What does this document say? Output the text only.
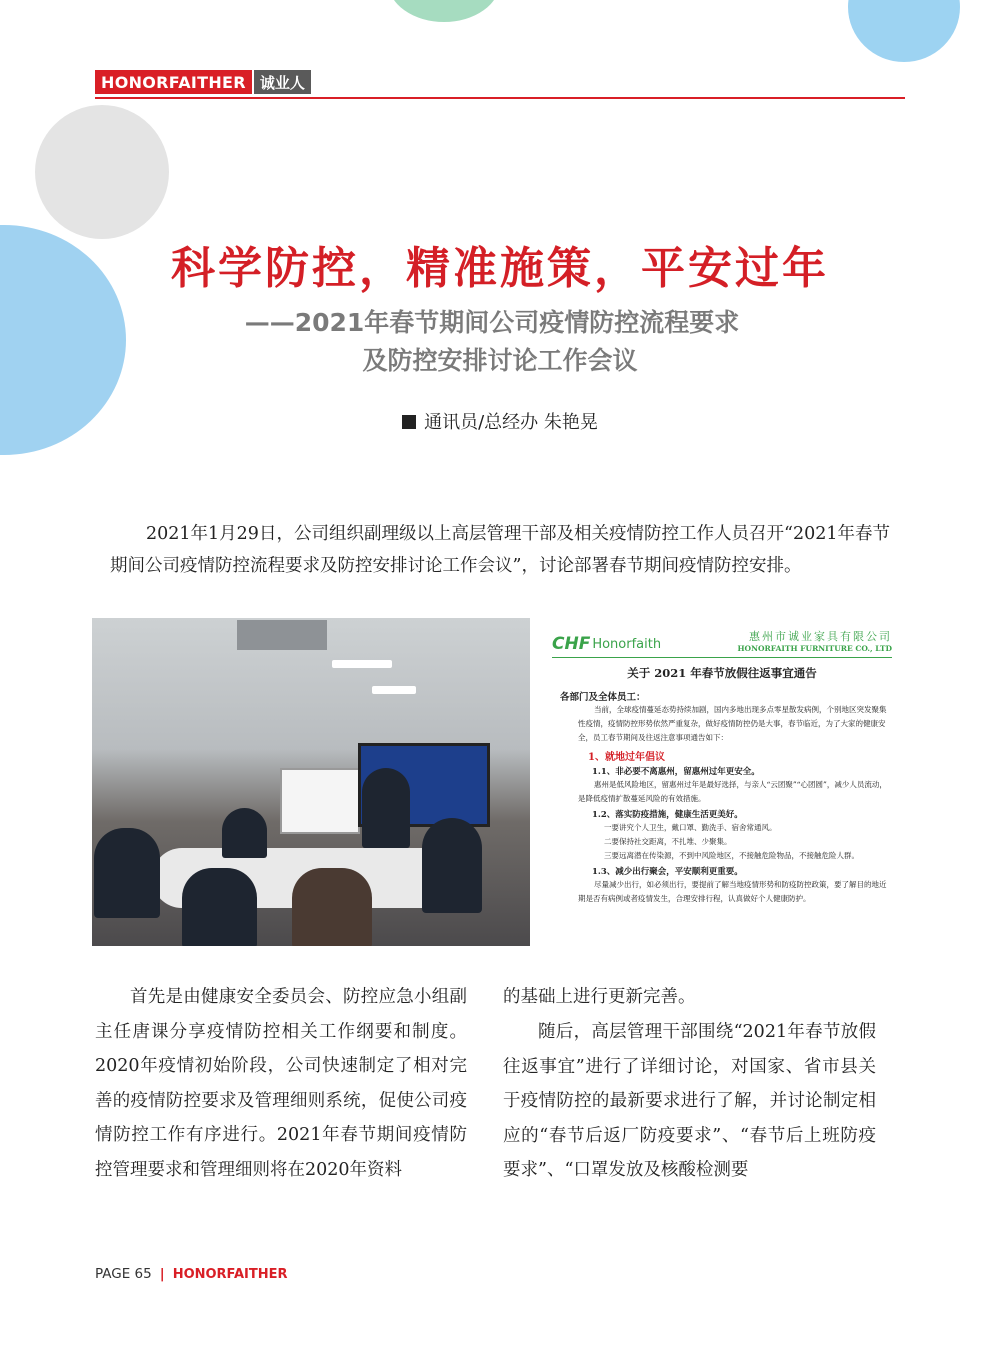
HONORFAITHER 诚业人
科学防控，精准施策，平安过年
——2021年春节期间公司疫情防控流程要求
及防控安排讨论工作会议
通讯员/总经办 朱艳晃

2021年1月29日，公司组织副理级以上高层管理干部及相关疫情防控工作人员召开“2021年春节期间公司疫情防控流程要求及防控安排讨论工作会议”，讨论部署春节期间疫情防控安排。

CHF Honorfaith	惠州市诚业家具有限公司
HONORFAITH FURNITURE CO., LTD
关于 2021 年春节放假往返事宜通告
各部门及全体员工：
当前，全球疫情蔓延态势持续加剧，国内多地出现多点零星散发病例，个别地区突发聚集性疫情，疫情防控形势依然严重复杂，做好疫情防控仍是大事，春节临近，为了大家的健康安全，员工春节期间及往返注意事项通告如下：
1、就地过年倡议
1.1、非必要不离惠州，留惠州过年更安全。
惠州是低风险地区，留惠州过年是最好选择，与亲人“云团聚”“心团圆”，减少人员流动，是降低疫情扩散蔓延风险的有效措施。
1.2、落实防疫措施，健康生活更美好。
一要讲究个人卫生，戴口罩、勤洗手、宿舍常通风。
二要保持社交距离，不扎堆、少聚集。
三要远离潜在传染源，不到中风险地区，不接触危险物品，不接触危险人群。
1.3、减少出行聚会，平安顺利更重要。
尽量减少出行，如必须出行，要提前了解当地疫情形势和防疫防控政策，要了解目的地近期是否有病例或者疫情发生，合理安排行程，认真做好个人健康防护。

首先是由健康安全委员会、防控应急小组副主任唐课分享疫情防控相关工作纲要和制度。2020年疫情初始阶段，公司快速制定了相对完善的疫情防控要求及管理细则系统，促使公司疫情防控工作有序进行。2021年春节期间疫情防控管理要求和管理细则将在2020年资料

的基础上进行更新完善。

随后，高层管理干部围绕“2021年春节放假往返事宜”进行了详细讨论，对国家、省市县关于疫情防控的最新要求进行了解，并讨论制定相应的“春节后返厂防疫要求”、“春节后上班防疫要求”、“口罩发放及核酸检测要

PAGE 65 | HONORFAITHER
